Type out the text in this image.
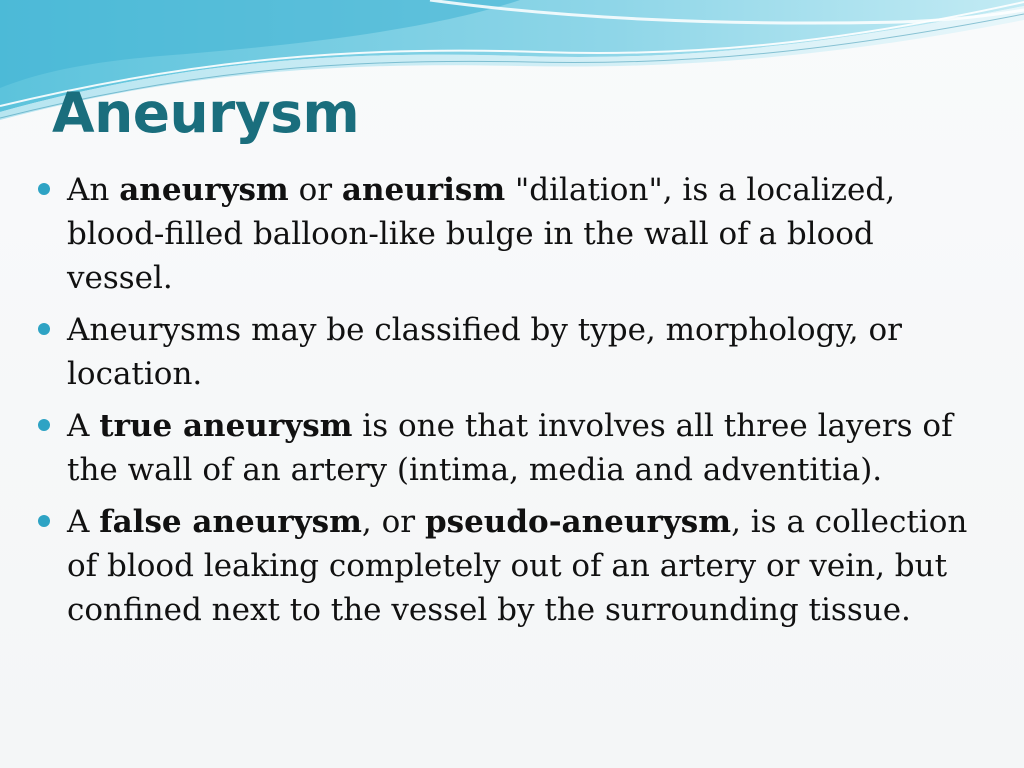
Aneurysm
An aneurysm or aneurism "dilation", is a localized, blood-filled balloon-like bulge in the wall of a blood vessel.
Aneurysms may be classified by type, morphology, or location.
A true aneurysm is one that involves all three layers of the wall of an artery (intima, media and adventitia).
A false aneurysm, or pseudo-aneurysm, is a collection of blood leaking completely out of an artery or vein, but confined next to the vessel by the surrounding tissue.
